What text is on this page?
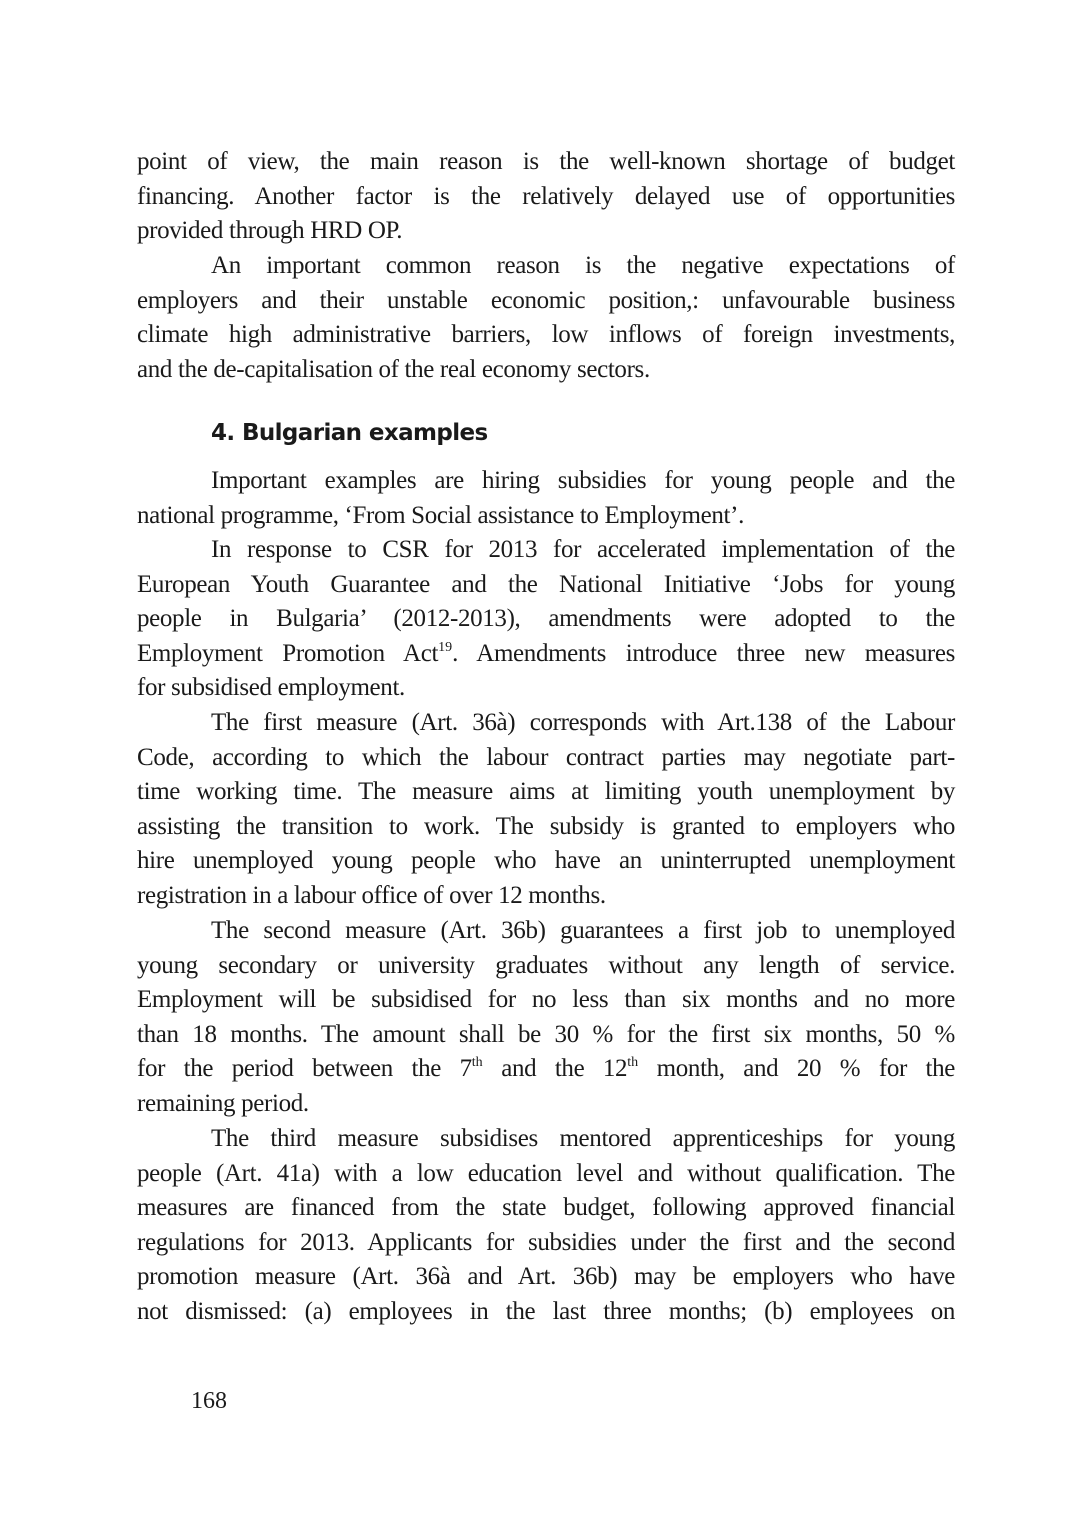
point of view, the main reason is the well-known shortage of budget
financing. Another factor is the relatively delayed use of opportunities
provided through HRD OP.
An important common reason is the negative expectations of
employers and their unstable economic position,: unfavourable business
climate high administrative barriers, low inflows of foreign investments,
and the de-capitalisation of the real economy sectors.
4. Bulgarian examples
Important examples are hiring subsidies for young people and the
national programme, ‘From Social assistance to Employment’.
In response to CSR for 2013 for accelerated implementation of the
European Youth Guarantee and the National Initiative ‘Jobs for young
people in Bulgaria’ (2012-2013), amendments were adopted to the
Employment Promotion Act$^{19}$. Amendments introduce three new measures
for subsidised employment.
The first measure (Art. 36à) corresponds with Art.138 of the Labour
Code, according to which the labour contract parties may negotiate part-
time working time. The measure aims at limiting youth unemployment by
assisting the transition to work. The subsidy is granted to employers who
hire unemployed young people who have an uninterrupted unemployment
registration in a labour office of over 12 months.
The second measure (Art. 36b) guarantees a first job to unemployed
young secondary or university graduates without any length of service.
Employment will be subsidised for no less than six months and no more
than 18 months. The amount shall be 30 % for the first six months, 50 %
for the period between the 7th and the 12th month, and 20 % for the
remaining period.
The third measure subsidises mentored apprenticeships for young
people (Art. 41a) with a low education level and without qualification. The
measures are financed from the state budget, following approved financial
regulations for 2013. Applicants for subsidies under the first and the second
promotion measure (Art. 36à and Art. 36b) may be employers who have
not dismissed: (a) employees in the last three months; (b) employees on
168
